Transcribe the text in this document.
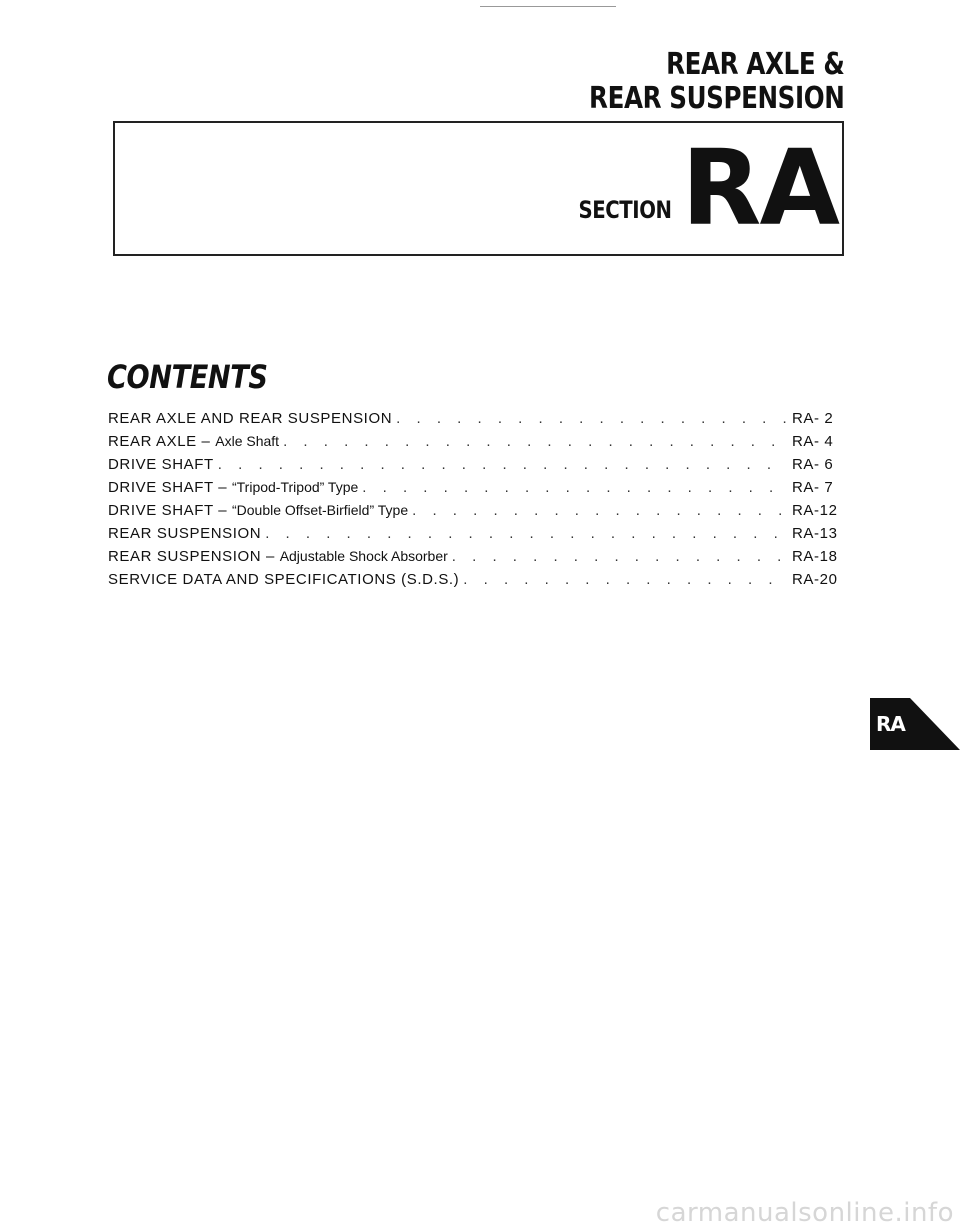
REAR AXLE &
REAR SUSPENSION
SECTION RA
CONTENTS
REAR AXLE AND REAR SUSPENSION . . .	RA- 2
REAR AXLE – Axle Shaft . . .	RA- 4
DRIVE SHAFT . . .	RA- 6
DRIVE SHAFT – “Tripod-Tripod” Type . . .	RA- 7
DRIVE SHAFT – “Double Offset-Birfield” Type . . .	RA-12
REAR SUSPENSION . . .	RA-13
REAR SUSPENSION – Adjustable Shock Absorber . . .	RA-18
SERVICE DATA AND SPECIFICATIONS (S.D.S.) . . .	RA-20
RA
carmanualsonline.info
